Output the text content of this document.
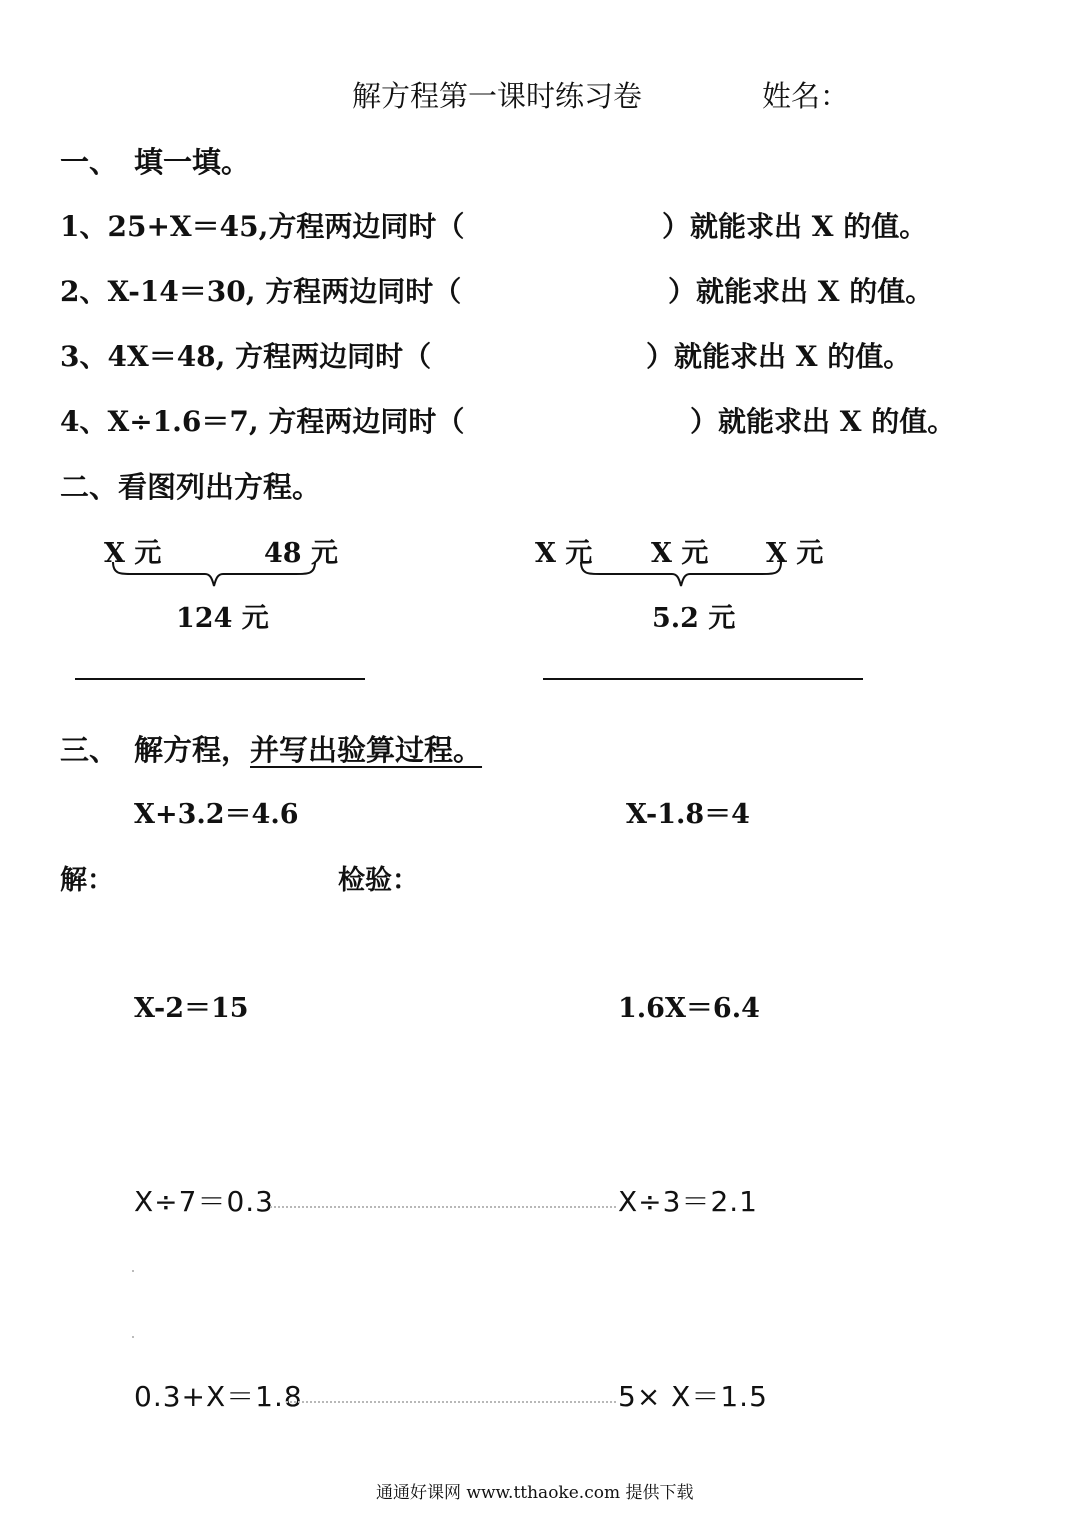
解方程第一课时练习卷	姓名：
一、 填一填。
1、25+X＝45,方程两边同时（	）就能求出 X 的值。
2、X-14＝30, 方程两边同时（	）就能求出 X 的值。
3、4X＝48, 方程两边同时（	）就能求出 X 的值。
4、X÷1.6＝7, 方程两边同时（	）就能求出 X 的值。
二、看图列出方程。
X 元	48 元
124 元
X 元 X 元 X 元
5.2 元
三、 解方程，并写出验算过程。
X+3.2＝4.6	X-1.8＝4
解：	检验：
X-2＝15	1.6X＝6.4
X÷7＝0.3	X÷3＝2.1
0.3+X＝1.8	5× X＝1.5
通通好课网 www.tthaoke.com 提供下载
